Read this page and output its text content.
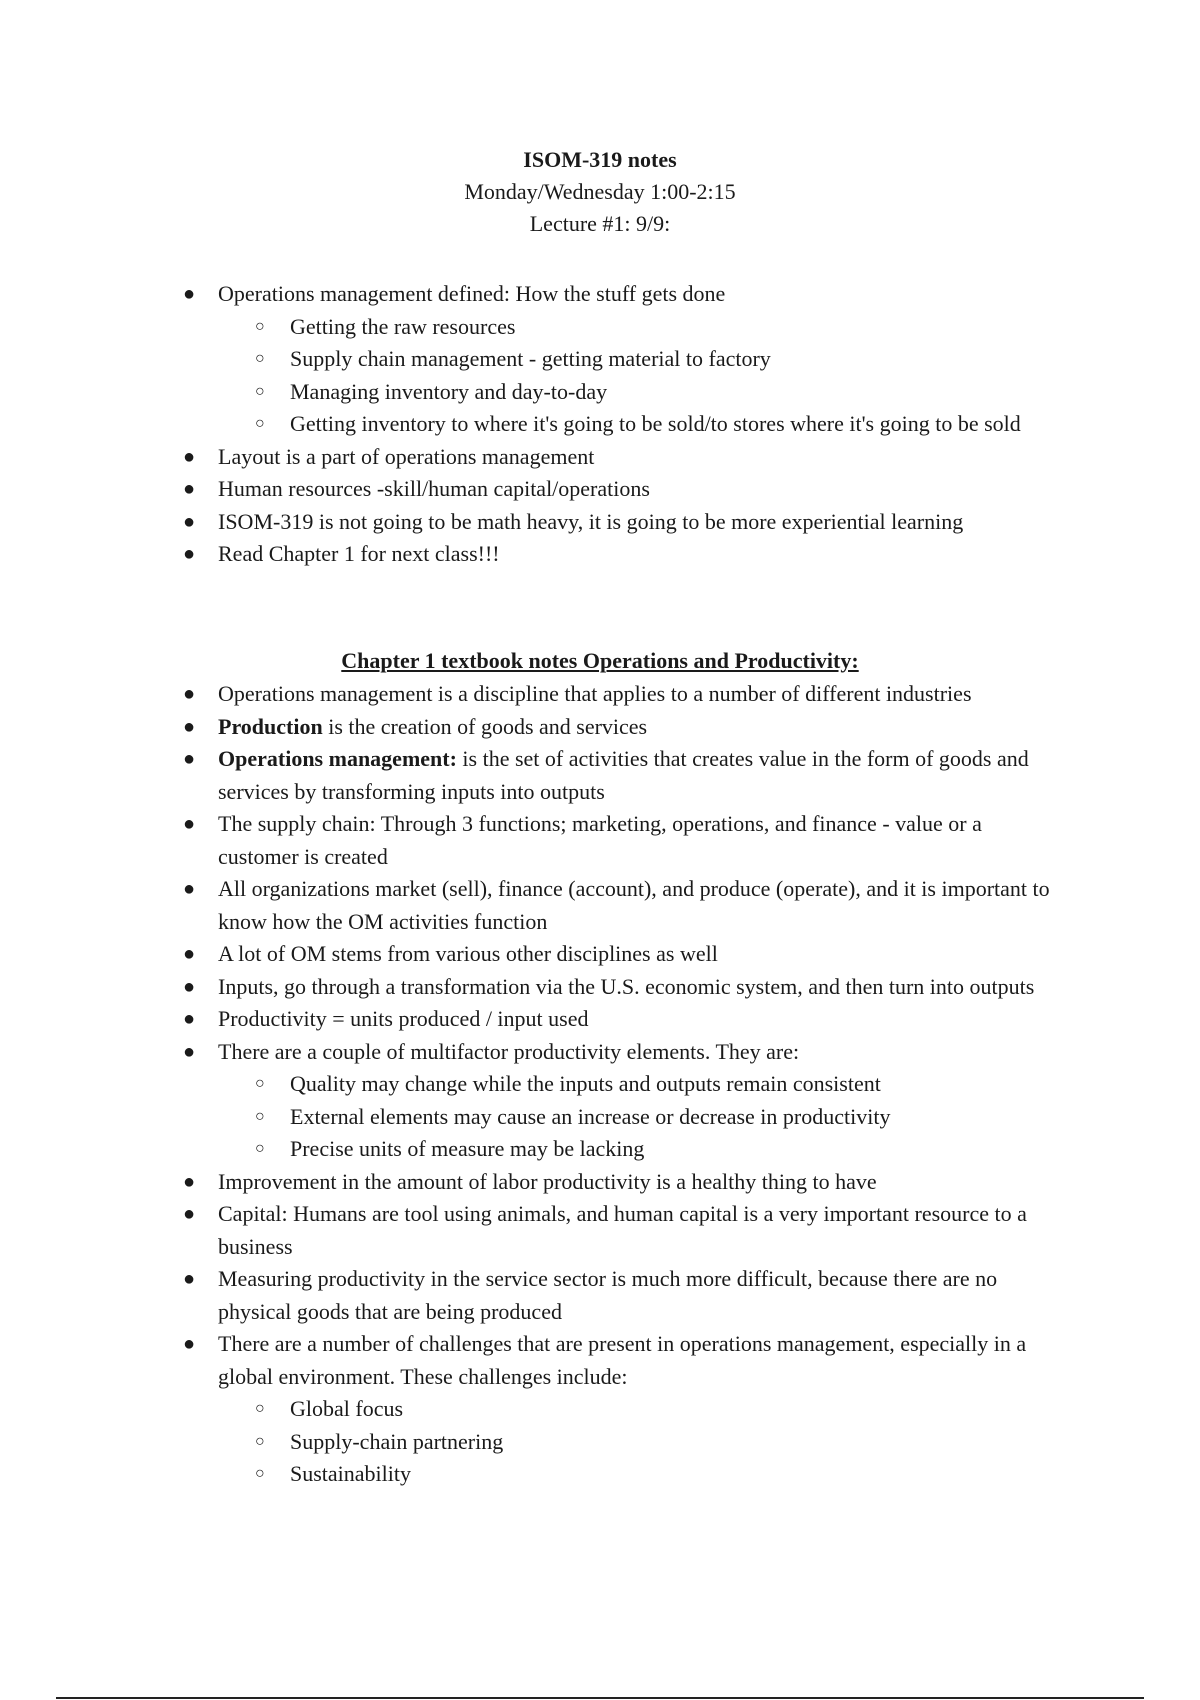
ISOM-319 notes
Monday/Wednesday 1:00-2:15
Lecture #1: 9/9:
● Operations management defined: How the stuff gets done
○ Getting the raw resources
○ Supply chain management - getting material to factory
○ Managing inventory and day-to-day
○ Getting inventory to where it's going to be sold/to stores where it's going to be sold
● Layout is a part of operations management
● Human resources -skill/human capital/operations
● ISOM-319 is not going to be math heavy, it is going to be more experiential learning
● Read Chapter 1 for next class!!!
Chapter 1 textbook notes Operations and Productivity:
● Operations management is a discipline that applies to a number of different industries
● Production is the creation of goods and services
● Operations management: is the set of activities that creates value in the form of goods and services by transforming inputs into outputs
● The supply chain: Through 3 functions; marketing, operations, and finance - value or a customer is created
● All organizations market (sell), finance (account), and produce (operate), and it is important to know how the OM activities function
● A lot of OM stems from various other disciplines as well
● Inputs, go through a transformation via the U.S. economic system, and then turn into outputs
● Productivity = units produced / input used
● There are a couple of multifactor productivity elements. They are:
○ Quality may change while the inputs and outputs remain consistent
○ External elements may cause an increase or decrease in productivity
○ Precise units of measure may be lacking
● Improvement in the amount of labor productivity is a healthy thing to have
● Capital: Humans are tool using animals, and human capital is a very important resource to a business
● Measuring productivity in the service sector is much more difficult, because there are no physical goods that are being produced
● There are a number of challenges that are present in operations management, especially in a global environment. These challenges include:
○ Global focus
○ Supply-chain partnering
○ Sustainability
